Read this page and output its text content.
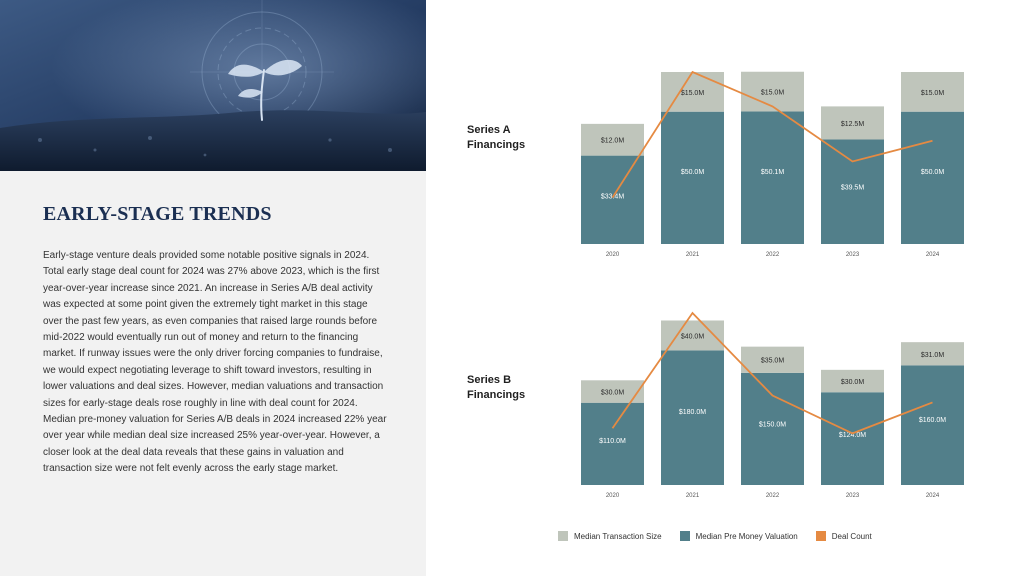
EARLY-STAGE TRENDS

Early-stage venture deals provided some notable positive signals in 2024. Total early stage deal count for 2024 was 27% above 2023, which is the first year-over-year increase since 2021. An increase in Series A/B deal activity was expected at some point given the extremely tight market in this stage over the past few years, as even companies that raised large rounds before mid-2022 would eventually run out of money and return to the financing market. If runway issues were the only driver forcing companies to fundraise, we would expect negotiating leverage to shift toward investors, resulting in lower valuations and deal sizes. However, median valuations and transaction sizes for early-stage deals rose roughly in line with deal count for 2024. Median pre-money valuation for Series A/B deals in 2024 increased 22% year over year while median deal size increased 25% year-over-year. However, a closer look at the deal data reveals that these gains in valuation and transaction size were not felt evenly across the early stage market.

Series A
Financings
$33.4M
$12.0M
2020
$50.0M
$15.0M
2021
$50.1M
$15.0M
2022
$39.5M
$12.5M
2023
$50.0M
$15.0M
2024
Series B
Financings
$110.0M
$30.0M
2020
$180.0M
$40.0M
2021
$150.0M
$35.0M
2022
$124.0M
$30.0M
2023
$160.0M
$31.0M
2024
Median Transaction Size	Median Pre Money Valuation	Deal Count
